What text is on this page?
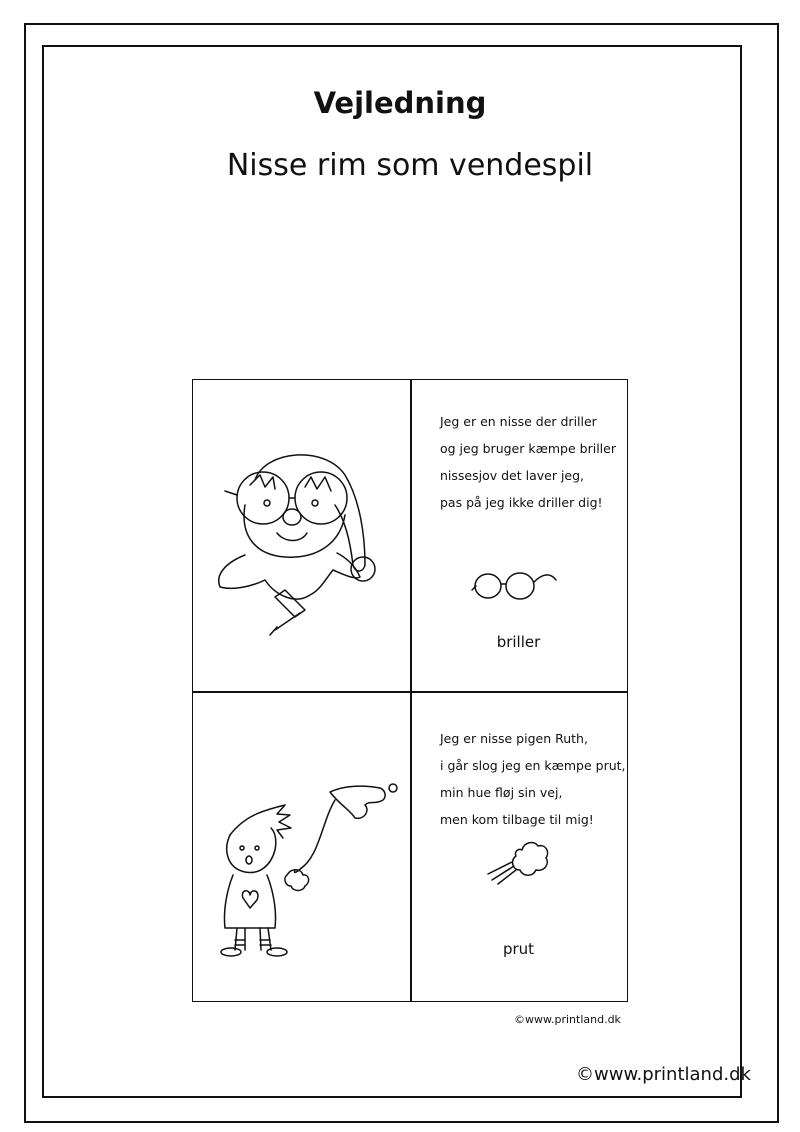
Vejledning
Nisse rim som vendespil
Jeg er en nisse der driller
og jeg bruger kæmpe briller
nissesjov det laver jeg,
pas på jeg ikke driller dig!
briller
Jeg er nisse pigen Ruth,
i går slog jeg en kæmpe prut,
min hue fløj sin vej,
men kom tilbage til mig!
prut
©www.printland.dk
©www.printland.dk
